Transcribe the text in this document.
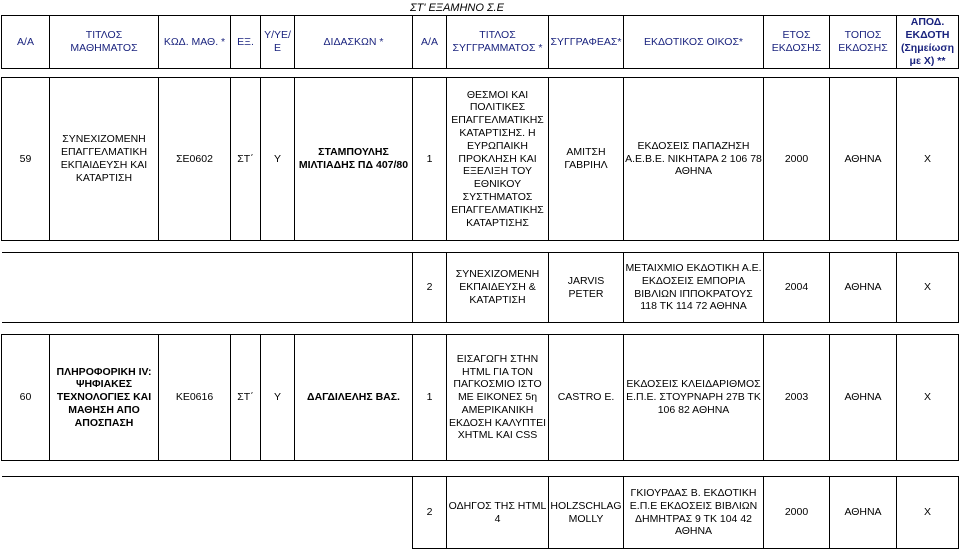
ΣΤ' ΕΞΑΜΗΝΟ Σ.Ε
Α/Α	ΤΙΤΛΟΣ ΜΑΘΗΜΑΤΟΣ	ΚΩΔ. ΜΑΘ. *	ΕΞ.	Υ/ΥΕ/Ε	ΔΙΔΑΣΚΩΝ *	Α/Α	ΤΙΤΛΟΣ ΣΥΓΓΡΑΜΜΑΤΟΣ *	ΣΥΓΓΡΑΦΕΑΣ*	ΕΚΔΟΤΙΚΟΣ ΟΙΚΟΣ*	ΕΤΟΣ ΕΚΔΟΣΗΣ	ΤΟΠΟΣ ΕΚΔΟΣΗΣ	ΑΠΟΔ. ΕΚΔΟΤΗ (Σημείωση με Χ) **

59	ΣΥΝΕΧΙΖΟΜΕΝΗ ΕΠΑΓΓΕΛΜΑΤΙΚΗ ΕΚΠΑΙΔΕΥΣΗ ΚΑΙ ΚΑΤΑΡΤΙΣΗ	ΣΕ0602	ΣΤ΄	Υ	ΣΤΑΜΠΟΥΛΗΣ ΜΙΛΤΙΑΔΗΣ ΠΔ 407/80	1	ΘΕΣΜΟΙ ΚΑΙ ΠΟΛΙΤΙΚΕΣ ΕΠΑΓΓΕΛΜΑΤΙΚΗΣ ΚΑΤΑΡΤΙΣΗΣ. Η ΕΥΡΩΠΑΙΚΗ ΠΡΟΚΛΗΣΗ ΚΑΙ ΕΞΕΛΙΞΗ ΤΟΥ ΕΘΝΙΚΟΥ ΣΥΣΤΗΜΑΤΟΣ ΕΠΑΓΓΕΛΜΑΤΙΚΗΣ ΚΑΤΑΡΤΙΣΗΣ	ΑΜΙΤΣΗ ΓΑΒΡΙΗΛ	ΕΚΔΟΣΕΙΣ ΠΑΠΑΖΗΣΗ Α.Ε.Β.Ε. ΝΙΚΗΤΑΡΑ 2 106 78 ΑΘΗΝΑ	2000	ΑΘΗΝΑ	Χ

						2	ΣΥΝΕΧΙΖΟΜΕΝΗ ΕΚΠΑΙΔΕΥΣΗ & ΚΑΤΑΡΤΙΣΗ	JARVIS PETER	ΜΕΤΑΙΧΜΙΟ ΕΚΔΟΤΙΚΗ Α.Ε. ΕΚΔΟΣΕΙΣ ΕΜΠΟΡΙΑ ΒΙΒΛΙΩΝ ΙΠΠΟΚΡΑΤΟΥΣ 118 ΤΚ 114 72 ΑΘΗΝΑ	2004	ΑΘΗΝΑ	Χ

60	ΠΛΗΡΟΦΟΡΙΚΗ IV: ΨΗΦΙΑΚΕΣ ΤΕΧΝΟΛΟΓΙΕΣ ΚΑΙ ΜΑΘΗΣΗ ΑΠΟ ΑΠΟΣΠΑΣΗ	ΚΕ0616	ΣΤ΄	Υ	ΔΑΓΔΙΛΕΛΗΣ ΒΑΣ.	1	ΕΙΣΑΓΩΓΗ ΣΤΗΝ HTML ΓΙΑ ΤΟΝ ΠΑΓΚΟΣΜΙΟ ΙΣΤΟ ΜΕ ΕΙΚΟΝΕΣ 5η ΑΜΕΡΙΚΑΝΙΚΗ ΕΚΔΟΣΗ ΚΑΛΥΠΤΕΙ XHTML ΚΑΙ CSS	CASTRO E.	ΕΚΔΟΣΕΙΣ ΚΛΕΙΔΑΡΙΘΜΟΣ Ε.Π.Ε. ΣΤΟΥΡΝΑΡΗ 27Β ΤΚ 106 82 ΑΘΗΝΑ	2003	ΑΘΗΝΑ	Χ

						2	ΟΔΗΓΟΣ ΤΗΣ HTML 4	HOLZSCHLAG MOLLY	ΓΚΙΟΥΡΔΑΣ Β. ΕΚΔΟΤΙΚΗ Ε.Π.Ε ΕΚΔΟΣΕΙΣ ΒΙΒΛΙΩΝ ΔΗΜΗΤΡΑΣ 9 ΤΚ 104 42 ΑΘΗΝΑ	2000	ΑΘΗΝΑ	Χ
